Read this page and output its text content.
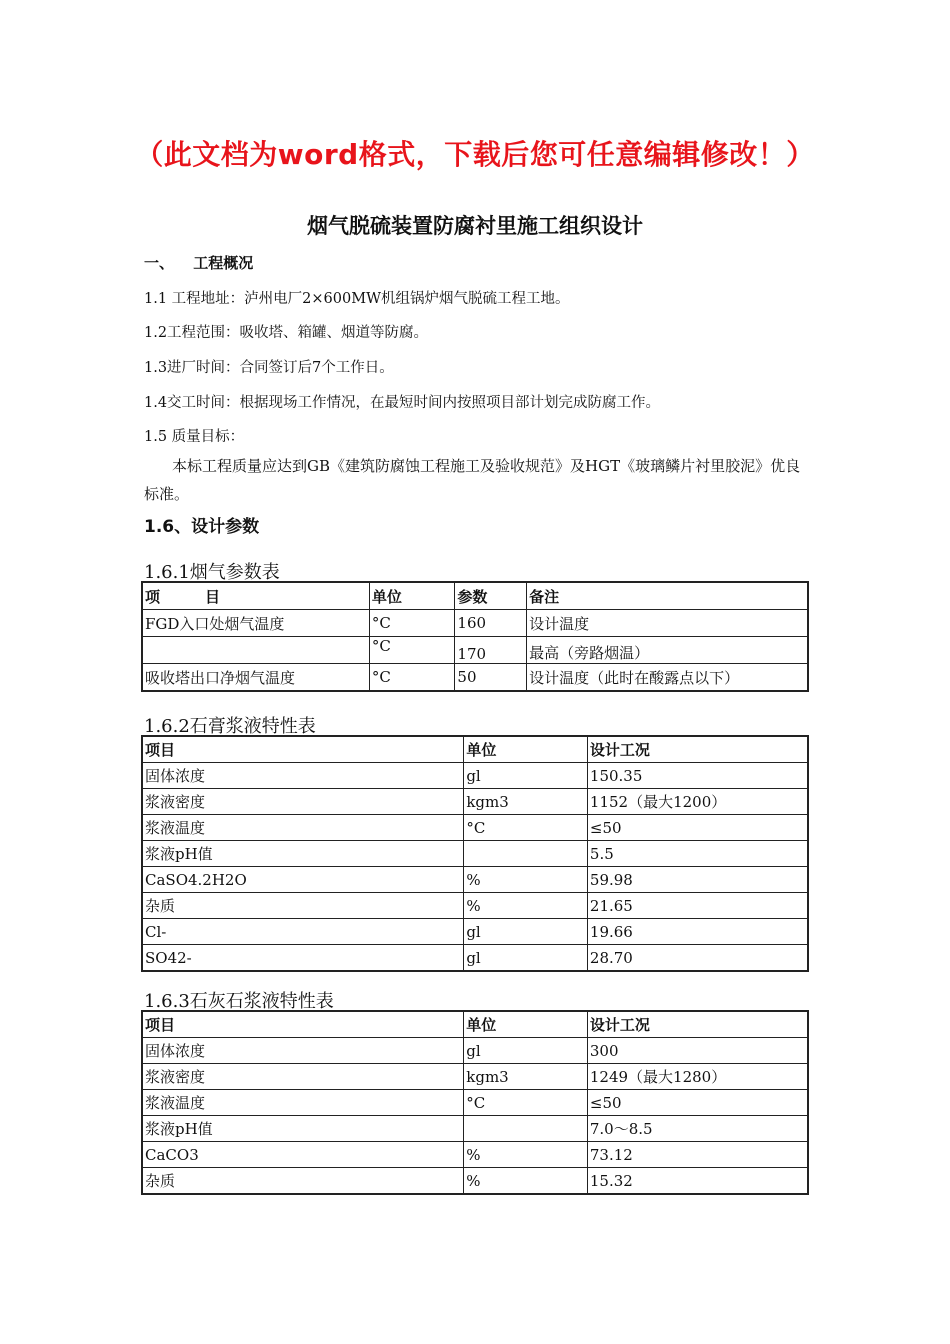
（此文档为word格式，下载后您可任意编辑修改！）
烟气脱硫装置防腐衬里施工组织设计
一、 工程概况
1.1 工程地址：泸州电厂2×600MW机组锅炉烟气脱硫工程工地。
1.2工程范围：吸收塔、箱罐、烟道等防腐。
1.3进厂时间：合同签订后7个工作日。
1.4交工时间：根据现场工作情况，在最短时间内按照项目部计划完成防腐工作。
1.5 质量目标：
本标工程质量应达到GB《建筑防腐蚀工程施工及验收规范》及HGT《玻璃鳞片衬里胶泥》优良标准。
1.6、设计参数
1.6.1烟气参数表
项　　　目	单位	参数	备注
FGD入口处烟气温度	°C	160	设计温度
	°C	170	最高（旁路烟温）
吸收塔出口净烟气温度	°C	50	设计温度（此时在酸露点以下）
1.6.2石膏浆液特性表
项目	单位	设计工况
固体浓度	gl	150.35
浆液密度	kgm3	1152（最大1200）
浆液温度	°C	≤50
浆液pH值		5.5
CaSO4.2H2O	%	59.98
杂质	%	21.65
Cl-	gl	19.66
SO42-	gl	28.70
1.6.3石灰石浆液特性表
项目	单位	设计工况
固体浓度	gl	300
浆液密度	kgm3	1249（最大1280）
浆液温度	°C	≤50
浆液pH值		7.0～8.5
CaCO3	%	73.12
杂质	%	15.32
